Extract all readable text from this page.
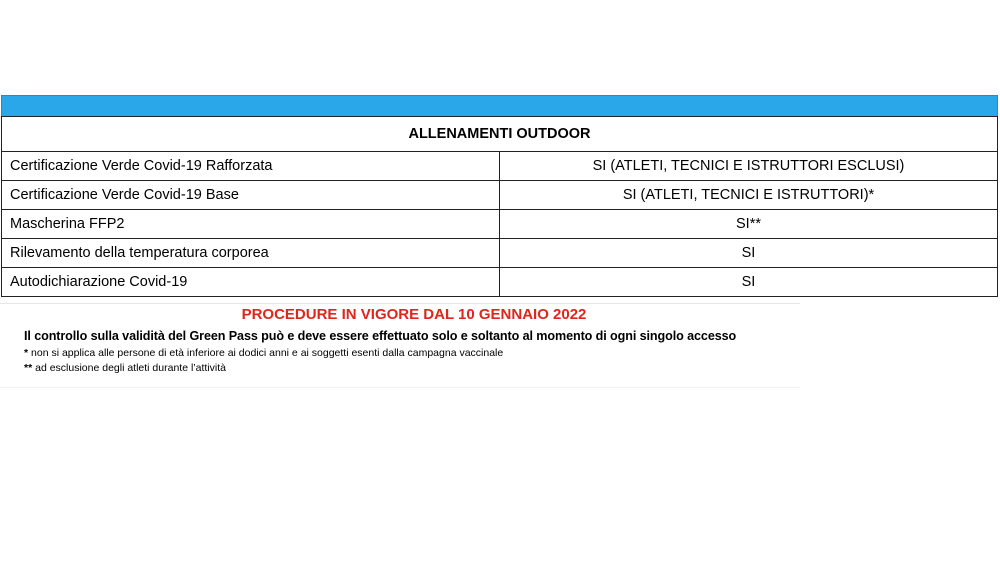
ALLENAMENTI OUTDOOR	
Certificazione Verde Covid-19 Rafforzata	SI (ATLETI, TECNICI E ISTRUTTORI ESCLUSI)
Certificazione Verde Covid-19 Base	SI (ATLETI, TECNICI E ISTRUTTORI)*
Mascherina FFP2	SI**
Rilevamento della temperatura corporea	SI
Autodichiarazione Covid-19	SI

PROCEDURE IN VIGORE DAL 10 GENNAIO 2022

Il controllo sulla validità del Green Pass può e deve essere effettuato solo e soltanto al momento di ogni singolo accesso

* non si applica alle persone di età inferiore ai dodici anni e ai soggetti esenti dalla campagna vaccinale

** ad esclusione degli atleti durante l’attività
